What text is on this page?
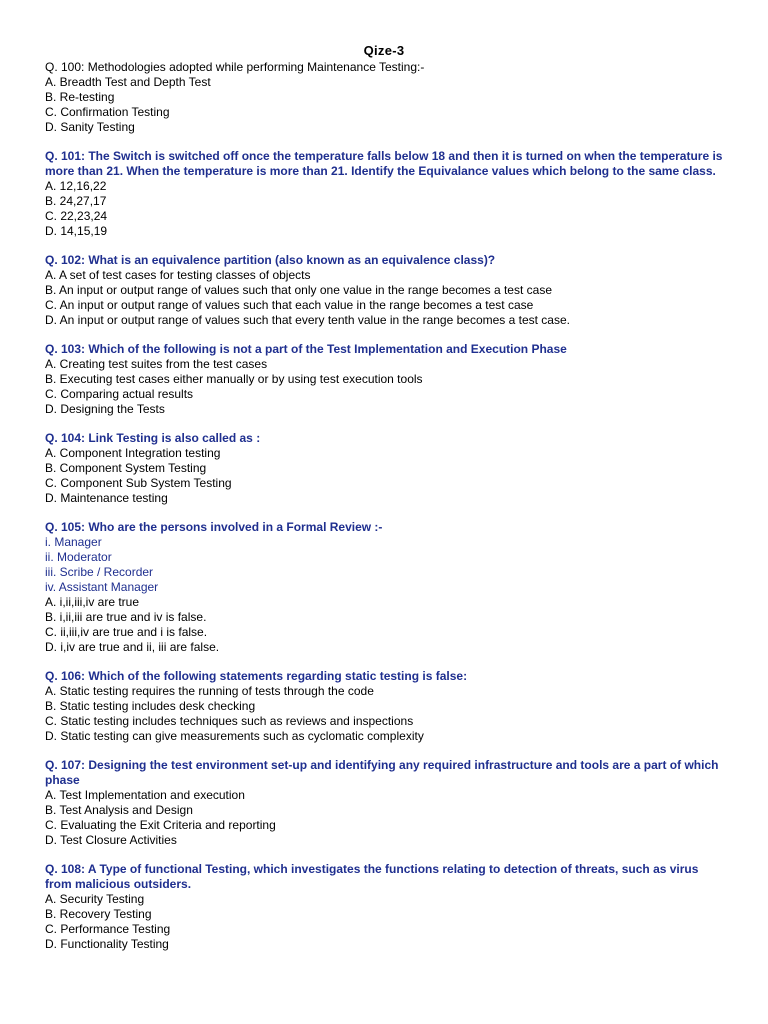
Qize-3
Q. 100: Methodologies adopted while performing Maintenance Testing:-
A. Breadth Test and Depth Test
B. Re-testing
C. Confirmation Testing
D. Sanity Testing
Q. 101: The Switch is switched off once the temperature falls below 18 and then it is turned on when the temperature is more than 21. When the temperature is more than 21. Identify the Equivalance values which belong to the same class.
A. 12,16,22
B. 24,27,17
C. 22,23,24
D. 14,15,19
Q. 102: What is an equivalence partition (also known as an equivalence class)?
A. A set of test cases for testing classes of objects
B. An input or output range of values such that only one value in the range becomes a test case
C. An input or output range of values such that each value in the range becomes a test case
D. An input or output range of values such that every tenth value in the range becomes a test case.
Q. 103: Which of the following is not a part of the Test Implementation and Execution Phase
A. Creating test suites from the test cases
B. Executing test cases either manually or by using test execution tools
C. Comparing actual results
D. Designing the Tests
Q. 104: Link Testing is also called as :
A. Component Integration testing
B. Component System Testing
C. Component Sub System Testing
D. Maintenance testing
Q. 105: Who are the persons involved in a Formal Review :-
i. Manager
ii. Moderator
iii. Scribe / Recorder
iv. Assistant Manager
A. i,ii,iii,iv are true
B. i,ii,iii are true and iv is false.
C. ii,iii,iv are true and i is false.
D. i,iv are true and ii, iii are false.
Q. 106: Which of the following statements regarding static testing is false:
A. Static testing requires the running of tests through the code
B. Static testing includes desk checking
C. Static testing includes techniques such as reviews and inspections
D. Static testing can give measurements such as cyclomatic complexity
Q. 107: Designing the test environment set-up and identifying any required infrastructure and tools are a part of which phase
A. Test Implementation and execution
B. Test Analysis and Design
C. Evaluating the Exit Criteria and reporting
D. Test Closure Activities
Q. 108: A Type of functional Testing, which investigates the functions relating to detection of threats, such as virus from malicious outsiders.
A. Security Testing
B. Recovery Testing
C. Performance Testing
D. Functionality Testing
